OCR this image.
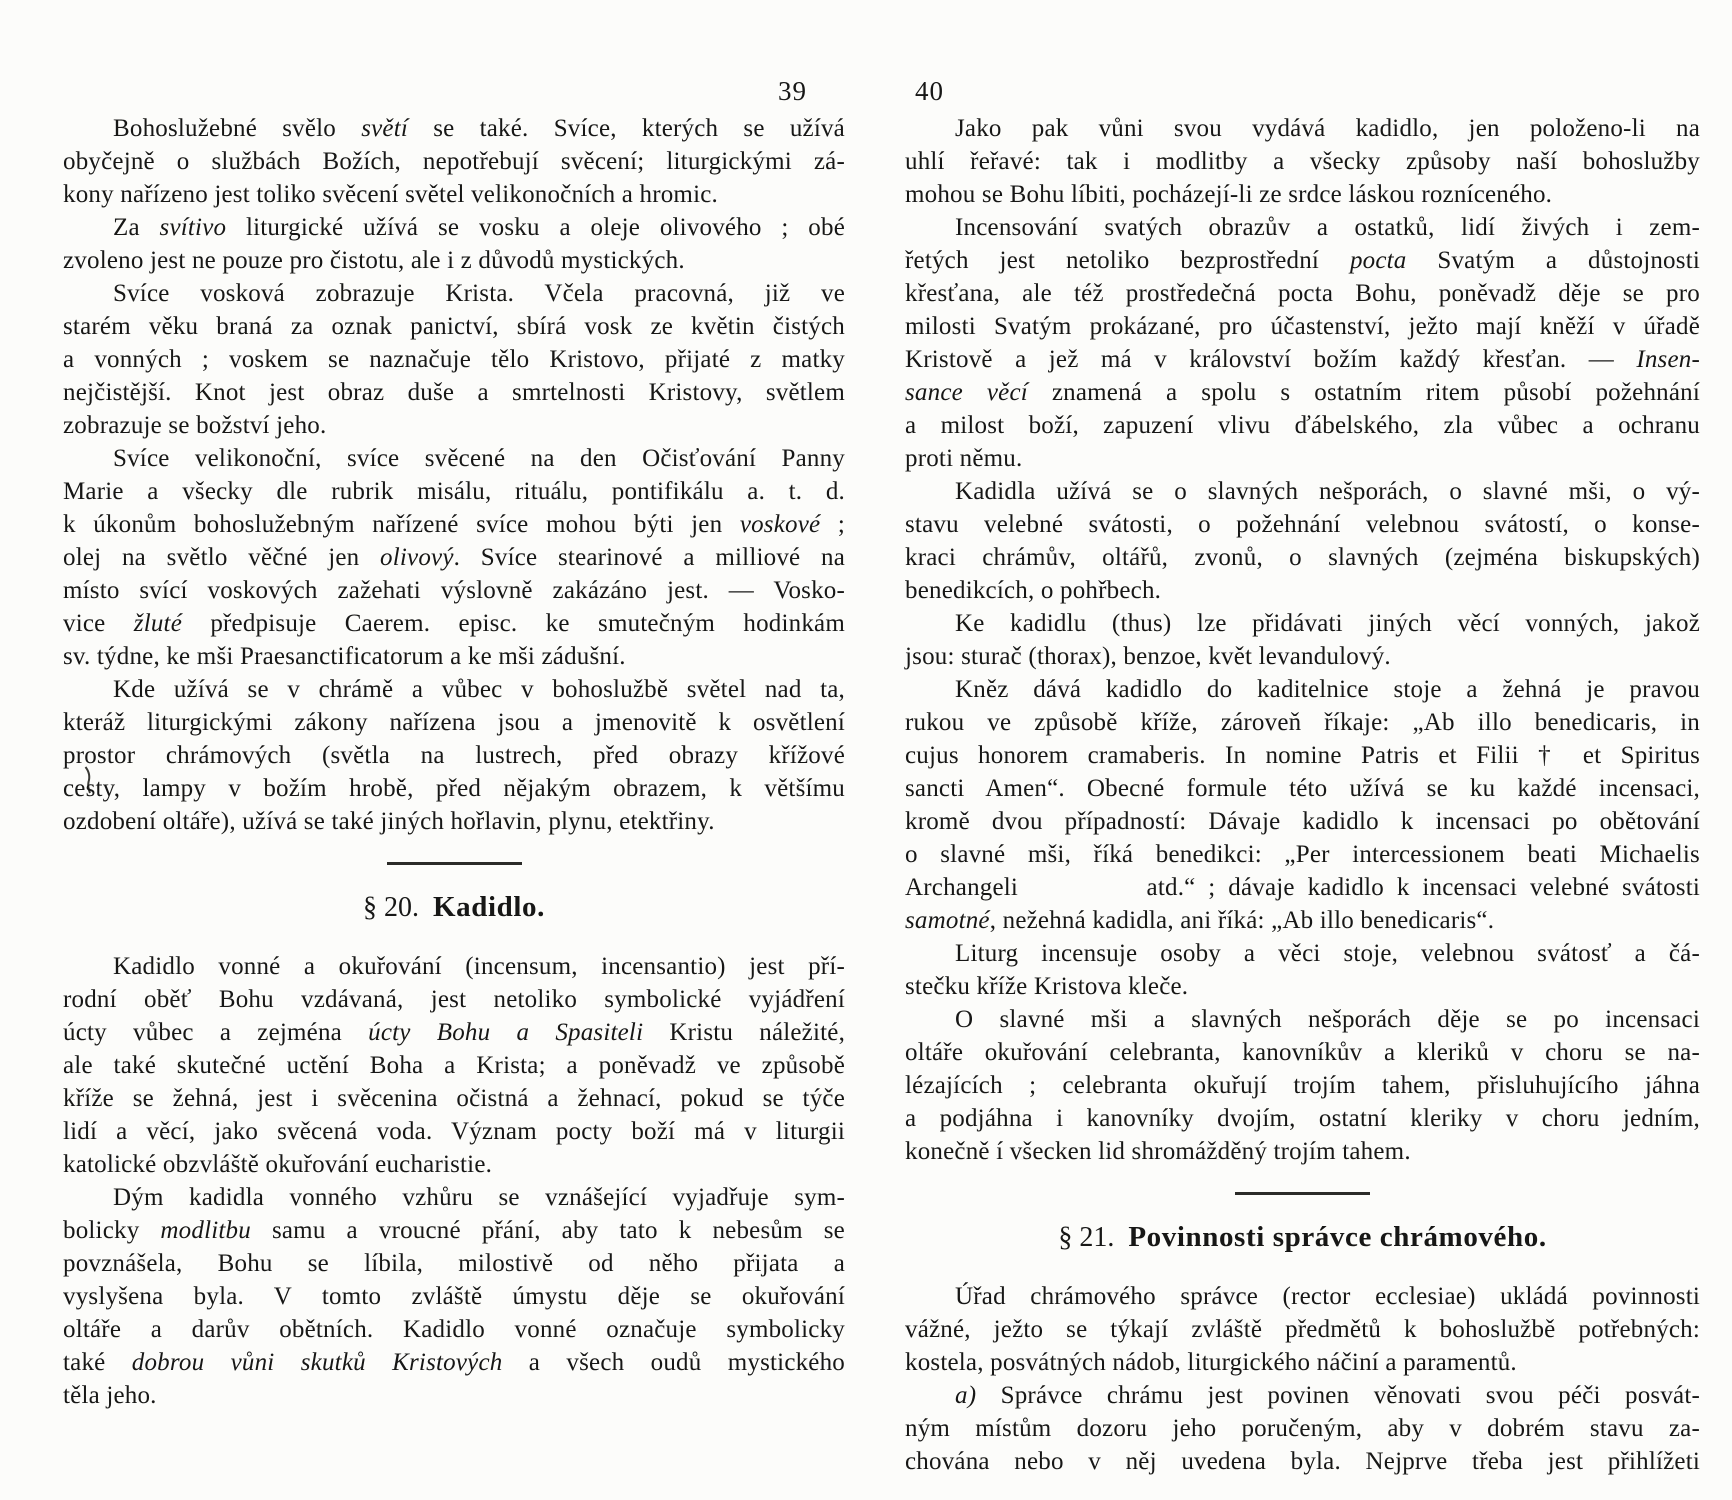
39
Bohoslužebné svělo světí se také. Svíce, kterých se užívá
obyčejně o službách Božích, nepotřebují svěcení; liturgickými zá-
kony nařízeno jest toliko svěcení světel velikonočních a hromic.
Za svítivo liturgické užívá se vosku a oleje olivového ; obé
zvoleno jest ne pouze pro čistotu, ale i z důvodů mystických.
Svíce vosková zobrazuje Krista. Včela pracovná, již ve
starém věku braná za oznak panictví, sbírá vosk ze květin čistých
a vonných ; voskem se naznačuje tělo Kristovo, přijaté z matky
nejčistější. Knot jest obraz duše a smrtelnosti Kristovy, světlem
zobrazuje se božství jeho.
Svíce velikonoční, svíce svěcené na den Očisťování Panny
Marie a všecky dle rubrik misálu, rituálu, pontifikálu a. t. d.
k úkonům bohoslužebným nařízené svíce mohou býti jen voskové ;
olej na světlo věčné jen olivový. Svíce stearinové a milliové na
místo svící voskových zažehati výslovně zakázáno jest. — Vosko-
vice žluté předpisuje Caerem. episc. ke smutečným hodinkám
sv. týdne, ke mši Praesanctificatorum a ke mši zádušní.
Kde užívá se v chrámě a vůbec v bohoslužbě světel nad ta,
kteráž liturgickými zákony nařízena jsou a jmenovitě k osvětlení
prostor chrámových (světla na lustrech, před obrazy křížové
cesty, lampy v božím hrobě, před nějakým obrazem, k většímu
ozdobení oltáře), užívá se také jiných hořlavin, plynu, etektřiny.
§ 20.  Kadidlo.
Kadidlo vonné a okuřování (incensum, incensantio) jest pří-
rodní oběť Bohu vzdávaná, jest netoliko symbolické vyjádření
úcty vůbec a zejména úcty Bohu a Spasiteli Kristu náležité,
ale také skutečné uctění Boha a Krista; a poněvadž ve způsobě
kříže se žehná, jest i svěcenina očistná a žehnací, pokud se týče
lidí a věcí, jako svěcená voda. Význam pocty boží má v liturgii
katolické obzvláště okuřování eucharistie.
Dým kadidla vonného vzhůru se vznášející vyjadřuje sym-
bolicky modlitbu samu a vroucné přání, aby tato k nebesům se
povznášela, Bohu se líbila, milostivě od něho přijata a
vyslyšena byla. V tomto zvláště úmystu děje se okuřování
oltáře a darův obětních. Kadidlo vonné označuje symbolicky
také dobrou vůni skutků Kristových a všech oudů mystického
těla jeho.
40
Jako pak vůni svou vydává kadidlo, jen položeno-li na
uhlí řeřavé: tak i modlitby a všecky způsoby naší bohoslužby
mohou se Bohu líbiti, pocházejí-li ze srdce láskou rozníceného.
Incensování svatých obrazův a ostatků, lidí živých i zem-
řetých jest netoliko bezprostřední pocta Svatým a důstojnosti
křesťana, ale též prostředečná pocta Bohu, poněvadž děje se pro
milosti Svatým prokázané, pro účastenství, ježto mají kněží v úřadě
Kristově a jež má v království božím každý křesťan. — Insen-
sance věcí znamená a spolu s ostatním ritem působí požehnání
a milost boží, zapuzení vlivu ďábelského, zla vůbec a ochranu
proti němu.
Kadidla užívá se o slavných nešporách, o slavné mši, o vý-
stavu velebné svátosti, o požehnání velebnou svátostí, o konse-
kraci chrámův, oltářů, zvonů, o slavných (zejména biskupských)
benedikcích, o pohřbech.
Ke kadidlu (thus) lze přidávati jiných věcí vonných, jakož
jsou: sturač (thorax), benzoe, květ levandulový.
Kněz dává kadidlo do kaditelnice stoje a žehná je pravou
rukou ve způsobě kříže, zároveň říkaje: „Ab illo benedicaris, in
cujus honorem cramaberis. In nomine Patris et Filii † et Spiritus
sancti Amen“. Obecné formule této užívá se ku každé incensaci,
kromě dvou případností: Dávaje kadidlo k incensaci po obětování
o slavné mši, říká benedikci: „Per intercessionem beati Michaelis
Archangeli          atd.“ ; dávaje kadidlo k incensaci velebné svátosti
samotné, nežehná kadidla, ani říká: „Ab illo benedicaris“.
Liturg incensuje osoby a věci stoje, velebnou svátosť a čá-
stečku kříže Kristova kleče.
O slavné mši a slavných nešporách děje se po incensaci
oltáře okuřování celebranta, kanovníkův a kleriků v choru se na-
lézajících ; celebranta okuřují trojím tahem, přisluhujícího jáhna
a podjáhna i kanovníky dvojím, ostatní kleriky v choru jedním,
konečně í všecken lid shromážděný trojím tahem.
§ 21.  Povinnosti správce chrámového.
Úřad chrámového správce (rector ecclesiae) ukládá povinnosti
vážné, ježto se týkají zvláště předmětů k bohoslužbě potřebných:
kostela, posvátných nádob, liturgického náčiní a paramentů.
a) Správce chrámu jest povinen věnovati svou péči posvát-
ným místům dozoru jeho poručeným, aby v dobrém stavu za-
chována nebo v něj uvedena byla. Nejprve třeba jest přihlížeti
